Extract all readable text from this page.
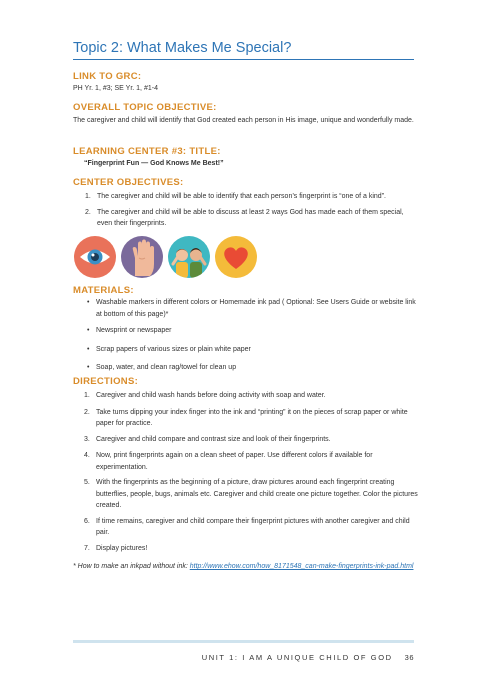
Topic 2: What Makes Me Special?
LINK TO GRC:
PH Yr. 1, #3; SE Yr. 1, #1-4
OVERALL TOPIC OBJECTIVE:
The caregiver and child will identify that God created each person in His image, unique and wonderfully made.
LEARNING CENTER #3: TITLE:
“Fingerprint Fun — God Knows Me Best!”
CENTER OBJECTIVES:
1. The caregiver and child will be able to identify that each person’s fingerprint is “one of a kind”.
2. The caregiver and child will be able to discuss at least 2 ways God has made each of them special, even their fingerprints.
MATERIALS:
• Washable markers in different colors or Homemade ink pad ( Optional: See Users Guide or website link at bottom of this page)*
• Newsprint or newspaper
• Scrap papers of various sizes or plain white paper
• Soap, water, and clean rag/towel for clean up
DIRECTIONS:
1. Caregiver and child wash hands before doing activity with soap and water.
2. Take turns dipping your index finger into the ink and “printing” it on the pieces of scrap paper or white paper for practice.
3. Caregiver and child compare and contrast size and look of their fingerprints.
4. Now, print fingerprints again on a clean sheet of paper. Use different colors if available for experimentation.
5. With the fingerprints as the beginning of a picture, draw pictures around each fingerprint creating butterflies, people, bugs, animals etc. Caregiver and child create one picture together. Color the pictures created.
6. If time remains, caregiver and child compare their fingerprint pictures with another caregiver and child pair.
7. Display pictures!
* How to make an inkpad without ink: http://www.ehow.com/how_8171548_can-make-fingerprints-ink-pad.html
UNIT 1: I AM A UNIQUE CHILD OF GOD 36
